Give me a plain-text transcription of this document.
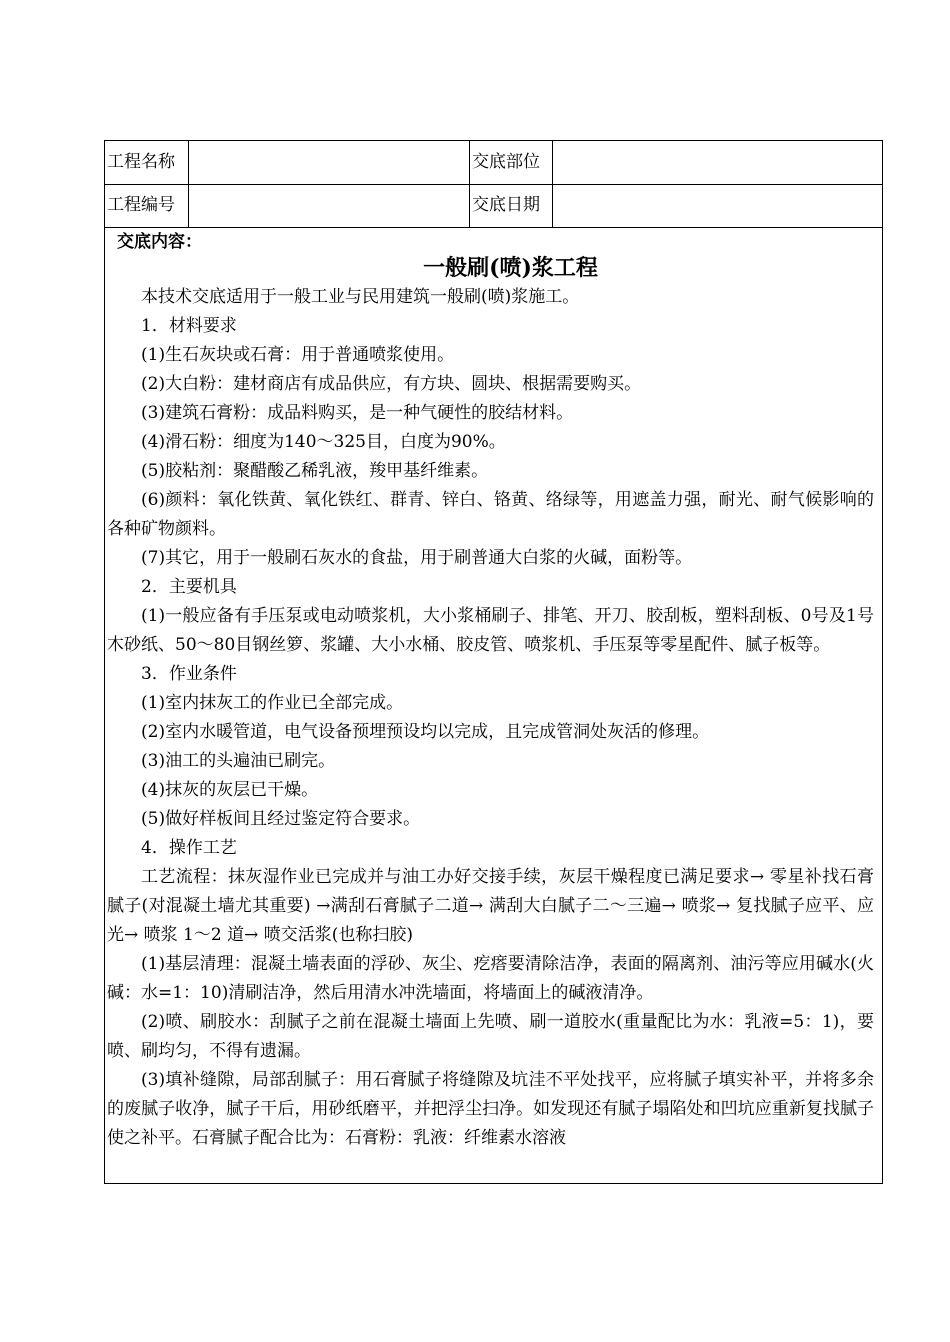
工程名称	交底部位
工程编号	交底日期
交底内容：
一般刷(喷)浆工程

本技术交底适用于一般工业与民用建筑一般刷(喷)浆施工。

1．材料要求

(1)生石灰块或石膏：用于普通喷浆使用。

(2)大白粉：建材商店有成品供应，有方块、圆块、根据需要购买。

(3)建筑石膏粉：成品料购买，是一种气硬性的胶结材料。

(4)滑石粉：细度为140～325目，白度为90%。

(5)胶粘剂：聚醋酸乙稀乳液，羧甲基纤维素。

(6)颜料：氧化铁黄、氧化铁红、群青、锌白、铬黄、络绿等，用遮盖力强，耐光、耐气候影响的各种矿物颜料。

(7)其它，用于一般刷石灰水的食盐，用于刷普通大白浆的火碱，面粉等。

2．主要机具

(1)一般应备有手压泵或电动喷浆机，大小浆桶刷子、排笔、开刀、胶刮板，塑料刮板、0号及1号木砂纸、50～80目钢丝箩、浆罐、大小水桶、胶皮管、喷浆机、手压泵等零星配件、腻子板等。

3．作业条件

(1)室内抹灰工的作业已全部完成。

(2)室内水暖管道，电气设备预埋预设均以完成，且完成管洞处灰活的修理。

(3)油工的头遍油已刷完。

(4)抹灰的灰层已干燥。

(5)做好样板间且经过鉴定符合要求。

4．操作工艺

工艺流程：抹灰湿作业已完成并与油工办好交接手续，灰层干燥程度已满足要求→ 零星补找石膏腻子(对混凝土墙尤其重要) →满刮石膏腻子二道→ 满刮大白腻子二～三遍→ 喷浆→ 复找腻子应平、应光→ 喷浆 1～2 道→ 喷交活浆(也称扫胶)

(1)基层清理：混凝土墙表面的浮砂、灰尘、疙瘩要清除洁净，表面的隔离剂、油污等应用碱水(火碱：水=1：10)清刷洁净，然后用清水冲洗墙面，将墙面上的碱液清净。

(2)喷、刷胶水：刮腻子之前在混凝土墙面上先喷、刷一道胶水(重量配比为水：乳液=5：1)，要喷、刷均匀，不得有遗漏。

(3)填补缝隙，局部刮腻子：用石膏腻子将缝隙及坑洼不平处找平，应将腻子填实补平，并将多余的废腻子收净，腻子干后，用砂纸磨平，并把浮尘扫净。如发现还有腻子塌陷处和凹坑应重新复找腻子使之补平。石膏腻子配合比为：石膏粉：乳液：纤维素水溶液
